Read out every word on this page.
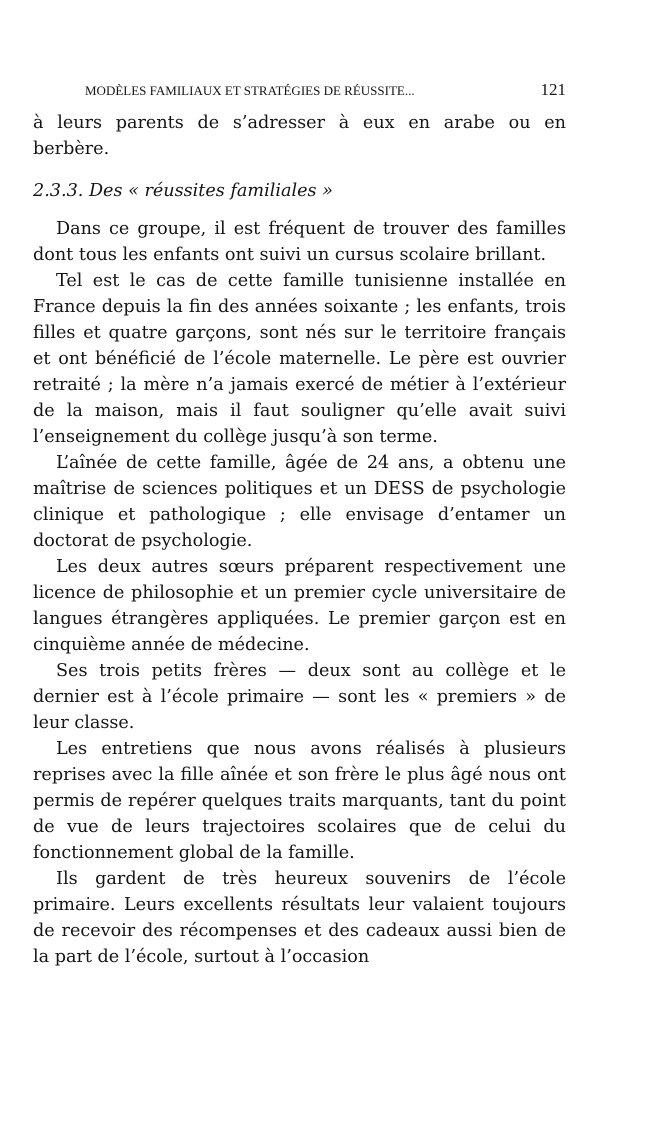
MODÈLES FAMILIAUX ET STRATÉGIES DE RÉUSSITE...	121

à leurs parents de s’adresser à eux en arabe ou en berbère.

2.3.3. Des « réussites familiales »

Dans ce groupe, il est fréquent de trouver des familles dont tous les enfants ont suivi un cursus scolaire brillant.

Tel est le cas de cette famille tunisienne installée en France depuis la fin des années soixante ; les enfants, trois filles et quatre garçons, sont nés sur le territoire français et ont bénéficié de l’école maternelle. Le père est ouvrier retraité ; la mère n’a jamais exercé de métier à l’extérieur de la maison, mais il faut souligner qu’elle avait suivi l’enseignement du collège jusqu’à son terme.

L’aînée de cette famille, âgée de 24 ans, a obtenu une maîtrise de sciences politiques et un DESS de psychologie clinique et pathologique ; elle envisage d’entamer un doctorat de psychologie.

Les deux autres sœurs préparent respectivement une licence de philosophie et un premier cycle universitaire de langues étrangères appliquées. Le premier garçon est en cinquième année de médecine.

Ses trois petits frères — deux sont au collège et le dernier est à l’école primaire — sont les « premiers » de leur classe.

Les entretiens que nous avons réalisés à plusieurs reprises avec la fille aînée et son frère le plus âgé nous ont permis de repérer quelques traits marquants, tant du point de vue de leurs trajectoires scolaires que de celui du fonctionnement global de la famille.

Ils gardent de très heureux souvenirs de l’école primaire. Leurs excellents résultats leur valaient toujours de recevoir des récompenses et des cadeaux aussi bien de la part de l’école, surtout à l’occasion
